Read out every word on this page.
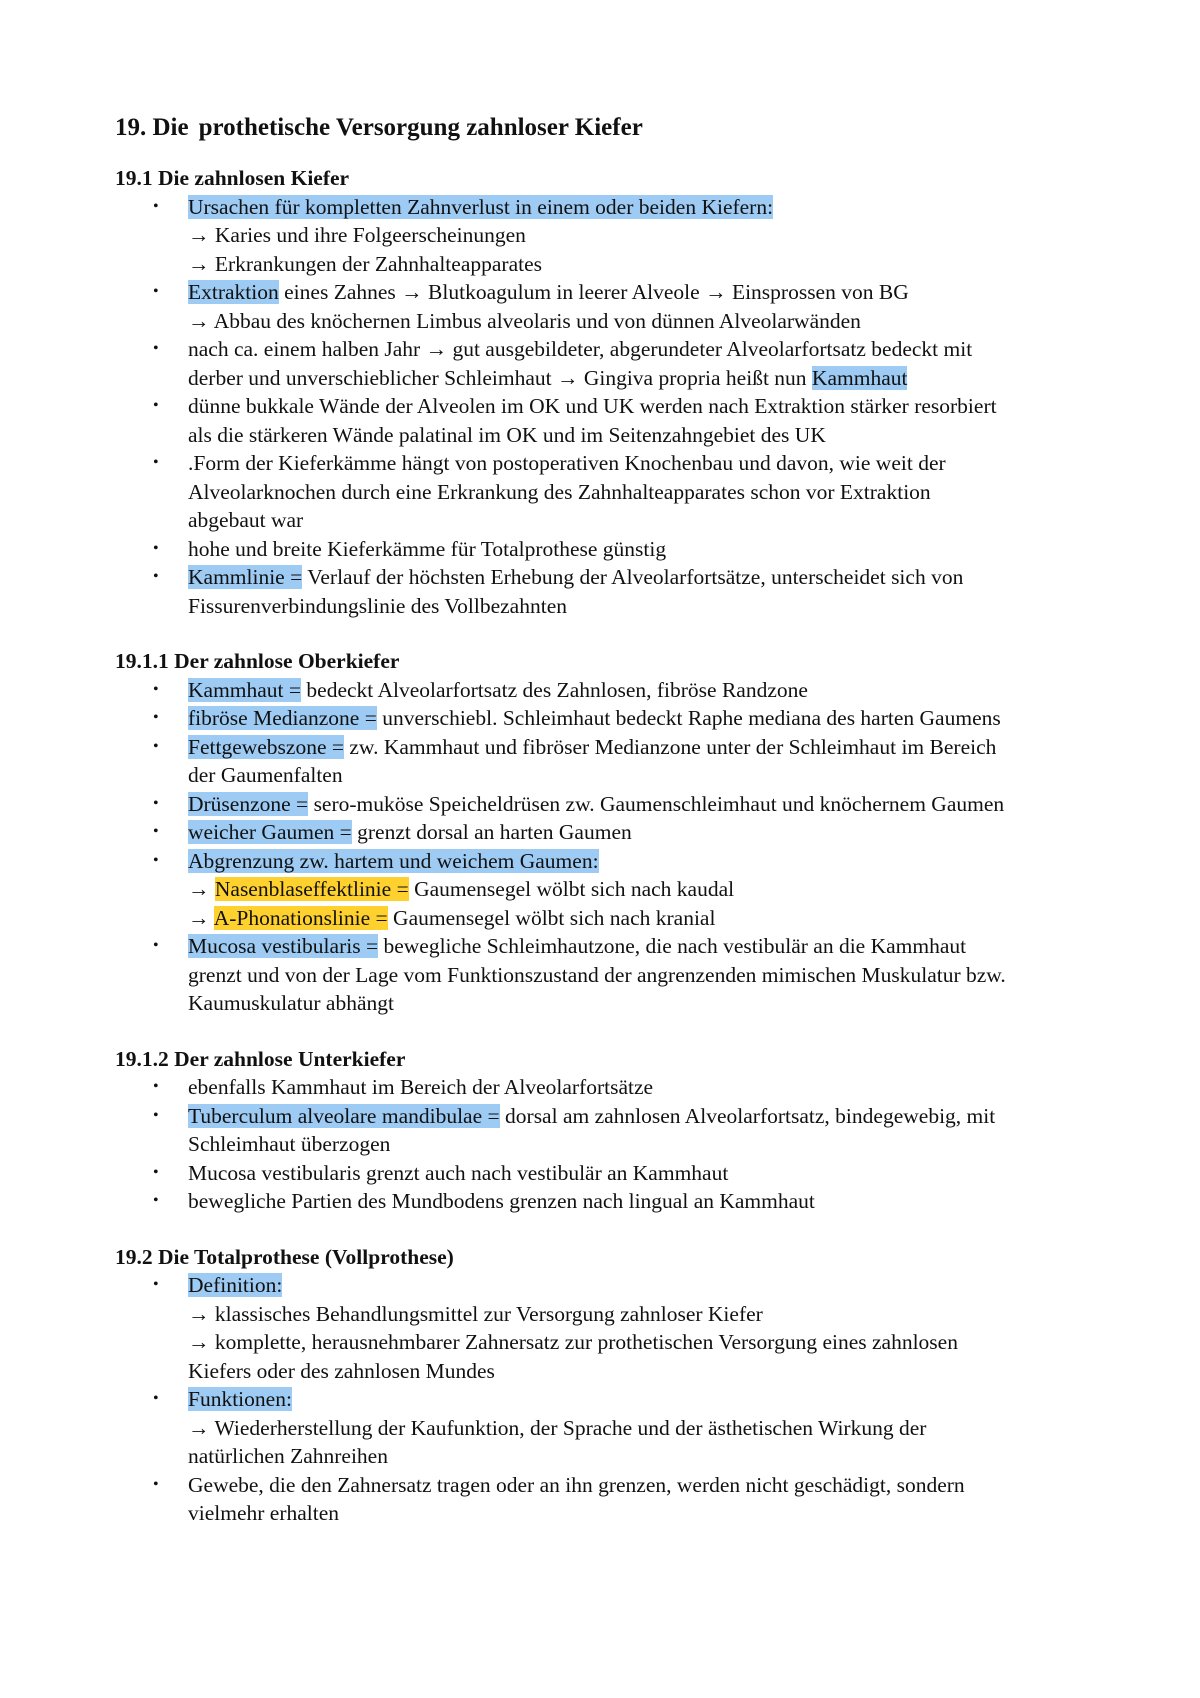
19. Die prothetische Versorgung zahnloser Kiefer
19.1 Die zahnlosen Kiefer
• Ursachen für kompletten Zahnverlust in einem oder beiden Kiefern:
→ Karies und ihre Folgeerscheinungen
→ Erkrankungen der Zahnhalteapparates
• Extraktion eines Zahnes → Blutkoagulum in leerer Alveole → Einsprossen von BG
→ Abbau des knöchernen Limbus alveolaris und von dünnen Alveolarwänden
• nach ca. einem halben Jahr → gut ausgebildeter, abgerundeter Alveolarfortsatz bedeckt mit
derber und unverschieblicher Schleimhaut → Gingiva propria heißt nun Kammhaut
• dünne bukkale Wände der Alveolen im OK und UK werden nach Extraktion stärker resorbiert
als die stärkeren Wände palatinal im OK und im Seitenzahngebiet des UK
• .Form der Kieferkämme hängt von postoperativen Knochenbau und davon, wie weit der
Alveolarknochen durch eine Erkrankung des Zahnhalteapparates schon vor Extraktion
abgebaut war
• hohe und breite Kieferkämme für Totalprothese günstig
• Kammlinie = Verlauf der höchsten Erhebung der Alveolarfortsätze, unterscheidet sich von
Fissurenverbindungslinie des Vollbezahnten
19.1.1 Der zahnlose Oberkiefer
• Kammhaut = bedeckt Alveolarfortsatz des Zahnlosen, fibröse Randzone
• fibröse Medianzone = unverschiebl. Schleimhaut bedeckt Raphe mediana des harten Gaumens
• Fettgewebszone = zw. Kammhaut und fibröser Medianzone unter der Schleimhaut im Bereich
der Gaumenfalten
• Drüsenzone = sero-muköse Speicheldrüsen zw. Gaumenschleimhaut und knöchernem Gaumen
• weicher Gaumen = grenzt dorsal an harten Gaumen
• Abgrenzung zw. hartem und weichem Gaumen:
→ Nasenblaseffektlinie = Gaumensegel wölbt sich nach kaudal
→ A-Phonationslinie = Gaumensegel wölbt sich nach kranial
• Mucosa vestibularis = bewegliche Schleimhautzone, die nach vestibulär an die Kammhaut
grenzt und von der Lage vom Funktionszustand der angrenzenden mimischen Muskulatur bzw.
Kaumuskulatur abhängt
19.1.2 Der zahnlose Unterkiefer
• ebenfalls Kammhaut im Bereich der Alveolarfortsätze
• Tuberculum alveolare mandibulae = dorsal am zahnlosen Alveolarfortsatz, bindegewebig, mit
Schleimhaut überzogen
• Mucosa vestibularis grenzt auch nach vestibulär an Kammhaut
• bewegliche Partien des Mundbodens grenzen nach lingual an Kammhaut
19.2 Die Totalprothese (Vollprothese)
• Definition:
→ klassisches Behandlungsmittel zur Versorgung zahnloser Kiefer
→ komplette, herausnehmbarer Zahnersatz zur prothetischen Versorgung eines zahnlosen
Kiefers oder des zahnlosen Mundes
• Funktionen:
→ Wiederherstellung der Kaufunktion, der Sprache und der ästhetischen Wirkung der
natürlichen Zahnreihen
• Gewebe, die den Zahnersatz tragen oder an ihn grenzen, werden nicht geschädigt, sondern
vielmehr erhalten
